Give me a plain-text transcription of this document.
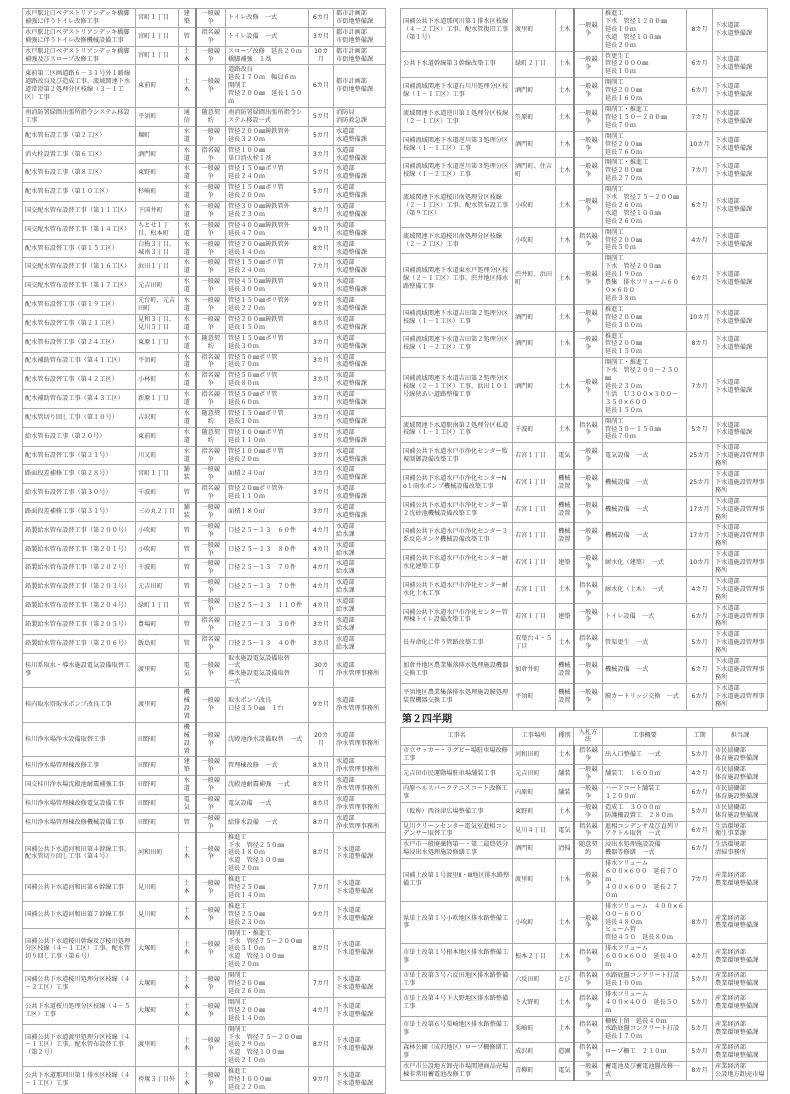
水戸駅北口ペデストリアンデッキ橋脚補強に伴うトイレ改修工事	宮町１丁目	建築	一般競争	トイレ改修　一式	6カ月	都市計画部
市街地整備課
水戸駅北口ペデストリアンデッキ橋脚補強に伴うトイレ改修機械設備工事	宮町１丁目	管	指名競争	トイレ設備　一式	3カ月	都市計画部
市街地整備課
水戸駅北口ペデストリアンデッキ橋脚補強及びスロープ改修工事	宮町１丁目	土木	一般競争	スロープ改修　延長２０ｍ
橋脚補強　１基	10カ月	都市計画部
市街地整備課
東前第二区画道路６－３１号外１路線道路改良及び造成工事、流域関連下水道常澄第２処理分区枝線（３－１工区）工事	東前町	土木	一般競争	道路改良
延長１７０ｍ　幅員６ｍ
開削工
管径２００㎜　延長１５０ｍ	6カ月	都市計画部
市街地整備課
南消防署緑岡出張所指令システム移設工事	平須町	通信	随意契約	南消防署緑岡出張所指令システム移設一式	5カ月	消防局
消防救急課
配水管布設工事（第２工区）	堀町	水道	一般競争	管径２００㎜鋳鉄管外
延長３２０ｍ	5カ月	水道部
水道整備課
消火栓設置工事（第６工区）	酒門町	水道	指名競争	管径１００㎜
単口消火栓１基	3カ月	水道部
水道整備課
配水管布設工事（第８工区）	東野町	水道	一般競争	管径１５０㎜ポリ管
延長２４０ｍ	5カ月	水道部
水道整備課
配水管布設工事（第１０工区）	杉崎町	水道	一般競争	管径１５０㎜ポリ管
延長２００ｍ	5カ月	水道部
水道整備課
国交配水管布設替工事（第１１工区）	下国井町	水道	一般競争	管径３００㎜鋳鉄管外
延長２３０ｍ	8カ月	水道部
水道整備課
国交配水管布設替工事（第１４工区）	ちとせ１丁目、松本町	水道	一般競争	管径４００㎜鋳鉄管外
延長４７０ｍ	9カ月	水道部
水道整備課
配水管布設替工事（第１５工区）	白梅３丁目、城南３丁目	水道	一般競争	管径２００㎜鋳鉄管外
延長１４０ｍ	8カ月	水道部
水道整備課
国交配水管布設替工事（第１６工区）	浜田１丁目	水道	一般競争	管径１５０㎜ポリ管
延長２４０ｍ	7カ月	水道部
水道整備課
国交配水管布設替工事（第１７工区）	元吉田町	水道	一般競争	管径４５０㎜鋳鉄管
延長３００ｍ	9カ月	水道部
水道整備課
配水管布設替工事（第１９工区）	元台町、元吉田町	水道	一般競争	管径１５０㎜ポリ管外
延長２２０ｍ	9カ月	水道部
水道整備課
配水管布設替工事（第２１工区）	見和３丁目、見川５丁目	水道	一般競争	管径２００㎜鋳鉄管
延長１５０ｍ	8カ月	水道部
水道整備課
配水管布設替工事（第２４工区）	東原１丁目	水道	随意契約	管径１５０㎜ポリ管
延長３０ｍ	3カ月	水道部
水道整備課
配水補助管布設工事（第４１工区）	平須町	水道	指名競争	管径５０㎜ポリ管
延長７０ｍ	3カ月	水道部
水道整備課
配水管布設替工事（第４２工区）	小林町	水道	指名競争	管径５０㎜ポリ管
延長８０ｍ	3カ月	水道部
水道整備課
配水補助管布設工事（第４３工区）	新原１丁目	水道	指名競争	管径５０㎜ポリ管
延長６０ｍ	3カ月	水道部
水道整備課
配水管切り回し工事（第１０号）	吉沢町	水道	随意契約	管径１５０㎜ポリ管
延長１０ｍ	3カ月	水道部
水道整備課
給水管布設工事（第２０号）	東前町	水道	随意契約	管径１００㎜ポリ管
延長１１０ｍ	3カ月	水道部
水道整備課
配水管布設替工事（第２１号）	川又町	水道	指名競争	管径１００㎜ポリ管
延長２０ｍ	3カ月	水道部
水道整備課
路面段差補修工事（第２８号）	宮町１丁目	舗装	一般競争	面積２４０㎡	3カ月	水道部
水道整備課
給水管布設替工事（第３０号）	千波町	管	指名競争	管径２０㎜ポリ管外
延長１１０ｍ	3カ月	水道部
水道整備課
路面段差補修工事（第３１号）	三の丸２丁目	舗装	一般競争	面積１８０㎡	3カ月	水道部
水道整備課
鉛製給水管布設替工事（第２００号）	小吹町	管	一般競争	口径２５～１３　６０件	4カ月	水道部
給水課
鉛製給水管布設替工事（第２０１号）	小吹町	管	一般競争	口径２５～１３　８０件	4カ月	水道部
給水課
鉛製給水管布設替工事（第２０２号）	千波町	管	一般競争	口径２５～１３　７０件	4カ月	水道部
給水課
鉛製給水管布設替工事（第２０３号）	元吉田町	管	一般競争	口径２５～１３　７０件	4カ月	水道部
給水課
鉛製給水管布設替工事（第２０４号）	緑町１丁目	管	一般競争	口径２５～１３　１１０件	4カ月	水道部
給水課
鉛製給水管布設替工事（第２０５号）	豊場町	管	指名競争	口径２５～１３　３０件	3カ月	水道部
給水課
鉛製給水管布設替工事（第２０６号）	飯島町	管	指名競争	口径２５～１３　４０件	3カ月	水道部
給水課
桂川系取水・導水施設電気設備取替工事	渡里町	電気	一般競争	取水施設電気設備取替
一式
導水施設電気設備取替
一式	30カ月	水道部
浄水管理事務所
桂内取水塔取水ポンプ改良工事	渡里町	機械設置	一般競争	取水ポンプ改良
口径３５０㎜　１台	9カ月	水道部
浄水管理事務所
桂川浄水場浄水設備取替工事	田野町	機械設置	一般競争	沈殿池浄水設備取替　一式	20カ月	水道部
浄水管理事務所
桂川浄水場管理棟改修工事	田野町	建築	一般競争	管理棟改修　一式	8カ月	水道部
浄水管理事務所
国交桂川浄水場沈殿池耐震補強工事	田野町	水道	一般競争	沈殿池耐震補強　一式	8カ月	水道部
浄水管理事務所
桂川浄水場管理棟改修電気設備工事	田野町	電気	一般競争	電気設備　一式	8カ月	水道部
浄水管理事務所
桂川浄水場管理棟改修機械設備工事	田野町	管	一般競争	給排水設備　一式	8カ月	水道部
浄水管理事務所
国補公共下水道河和田第４幹線工事、配水管切り回し工事（第４号）	河和田町	土木	一般競争	推進工
下水　管径２５０㎜
延長１８０ｍ
水道　管径１００㎜
延長２０ｍ	8カ月	下水道部
下水道整備課
国補公共下水道河和田第６幹線工事	見川町	土木	一般競争	推進工
管径２５０㎜
延長１４０ｍ	7カ月	下水道部
下水道整備課
国補公共下水道河和田第７幹線工事	見川町	土木	一般競争	推進工
管径２５０㎜
延長２３０ｍ	9カ月	下水道部
下水道整備課
国補公共下水道桜川幹線及び桜川処理分区枝線（４－１工区）工事、配水管切り回し工事（第６号）	大塚町	土木	一般競争	開削工・推進工
下水　管径７５～２００㎜
延長５１０ｍ
水道　管径１００㎜
延長２０ｍ	8カ月	下水道部
下水道整備課
国補公共下水道桜川処理分区枝線（４－２工区）工事	大塚町	土木	一般競争	開削工
管径２００㎜
延長２６０ｍ	7カ月	下水道部
下水道整備課
公共下水道桜川処理分区枝線（４－５工区）工事	大塚町	土木	一般競争	開削工
管径２００㎜
延長１４０ｍ	4カ月	下水道部
下水道整備課
国補公共下水道渡里処理分区枝線（４－１工区）工事、配水管布設替工事（第２号）	渡里町	土木	一般競争	開削工
下水　管径７５～２００㎜
延長２９０ｍ
水道　管径１００㎜
延長２１０ｍ	8カ月	下水道部
下水道整備課
公共下水道那珂川第１排水区枝線（４－１工区）工事	袴塚３丁目外	土木	一般競争	推進工
管径１０００㎜
延長２２０ｍ	9カ月	下水道部
下水道整備課
国補公共下水道那珂川第１排水区枝線（４－２工区）工事、配水管復旧工事（第１号）	渡里町	土木	一般競争	推進工
下水　管径１２００㎜
延長１０ｍ
水道　管径１００㎜
延長２０ｍ	8カ月	下水道部
下水道整備課
公共下水道幹線第３幹線改築工事	緑町２丁目	土木	一般競争	管更生工
管径２０００㎜
延長１０ｍ	6カ月	下水道部
下水道整備課
国補流域関連下水道石川川処理分区枝線（１－１工区）工事	酒門町	土木	一般競争	開削工
管径２００㎜
延長１６０ｍ	6カ月	下水道部
下水道整備課
流域関連下水道逆川第１処理分区枝線（２－１工区）工事	笠原町	土木	一般競争	開削工・推進工
管径１５０～２００㎜
延長７０ｍ	7カ月	下水道部
下水道整備課
国補流域関連下水道逆川第３処理分区枝線（１－１工区）工事	酒門町	土木	一般競争	開削工
管径２００㎜
延長７６０ｍ	10カ月	下水道部
下水道整備課
国補流域関連下水道逆川第３処理分区枝線（１－２工区）工事	酒門町、住吉町	土木	一般競争	開削工・推進工
管径２００㎜
延長２７０ｍ	7カ月	下水道部
下水道整備課
流域関連下水道桜川南処理分区枝線（２－１工区）工事、配水管布設工事（第９工区）	小吹町	土木	一般競争	開削工
下水　管径７５～２００㎜
延長２６０ｍ
水道　管径１００㎜
延長２６０ｍ	6カ月	下水道部
下水道整備課
流域関連下水道桜川南処理分区枝線（２－２工区）工事	小吹町	土木	指名競争	開削工
管径２００㎜
延長５０ｍ	4カ月	下水道部
下水道整備課
国補流域関連下水道東水戸処理分区枝線（２－１工区）工事、渋井地区排水路整備工事	渋井町、浜田町	土木	一般競争	開削工
下水　管径２００㎜
延長１９０ｍ
農集　排水フリューム６００×６００
延長３８ｍ	6カ月	下水道部
下水道整備課
国補流域関連下水道吉田第２処理分区枝線（１－１工区）工事	酒門町	土木	一般競争	推進工
管径２００㎜
延長３００ｍ	10カ月	下水道部
下水道整備課
国補流域関連下水道吉田第２処理分区枝線（１－２工区）工事	酒門町	土木	一般競争	推進工
管径２００㎜
延長１５０ｍ	8カ月	下水道部
下水道整備課
国補流域関連下水道吉田第２処理分区枝線（２－１工区）工事、浜田１０１号線狭あい道路整備工事	酒門町	土木	一般競争	開削工・推進工
下水　管径２００～２５０㎜
延長２３０ｍ
生活　Ｕ３００×３００～３５０×６００
延長１５０ｍ	7カ月	下水道部
下水道整備課
流域関連下水道駅南第２処理分区私道枝線（１－１工区）工事	千波町	土木	指名競争	開削工
管径５０～１５０㎜
延長７０ｍ	5カ月	下水道部
下水道整備課
国補公共下水道水戸市浄化センター監視制御設備改築工事	若宮１丁目	電気	一般競争	電気設備　一式	25カ月	下水道部
下水道施設管理事務所
国補公共下水道水戸市浄化センターNo１雨水ポンプ機械設備改築工事	若宮１丁目	機械設置	一般競争	機械設備　一式	25カ月	下水道部
下水道施設管理事務所
国補公共下水道水戸市浄化センター第２沈砂池機械設備改築工事	若宮１丁目	機械設置	一般競争	機械設備　一式	17カ月	下水道部
下水道施設管理事務所
国補公共下水道水戸市浄化センター３系反応タンク機械設備改築工事	若宮１丁目	機械設置	一般競争	機械設備　一式	17カ月	下水道部
下水道施設管理事務所
国補公共下水道水戸市浄化センター耐水化建築工事	若宮１丁目	建築	一般競争	耐水化（建築）　一式	10カ月	下水道部
下水道施設管理事務所
国補公共下水道水戸市浄化センター耐水化土木工事	若宮１丁目	土木	指名競争	耐水化（土木）　一式	4カ月	下水道部
下水道施設管理事務所
国補公共下水道水戸市浄化センター管理棟トイレ設備改築工事	若宮１丁目	建築	一般競争	トイレ設備　一式	6カ月	下水道部
下水道施設管理事務所
長寿命化に伴う管路改築工事	双葉台４・５丁目	土木	指名競争	管渠更生　一式	5カ月	下水道部
下水道施設管理事務所
加倉井地区農業集落排水処理施設機器交換工事	加倉井町	機械設置	一般競争	機械設備　一式	6カ月	下水道部
下水道施設管理事務所
平須地区農業集落排水処理施設膜処理装置機器交換工事	平須町	機械設置	一般競争	膜カートリッジ交換　一式	6カ月	下水道部
下水道施設管理事務所
第２四半期
工事名	工事場所	種別	入札方法	工事概要	工期	担当課
市立サッカー・ラグビー場駐車場改修工事	河和田町	土木	指名競争	出入口整備工　一式	5カ月	市民協働部
体育施設整備課
元吉田市民運動場駐車場舗装工事	元吉田町	舗装	一般競争	舗装工　１６００㎡	4カ月	市民協働部
体育施設整備課
内原ヘルスパークテニスコート改修工事	内原町	舗装	一般競争	ハードコート舗装工
１２００㎡	6カ月	市民協働部
体育施設整備課
（仮称）西谷津広場整備工事	東野町	土木	一般競争	造成工　３０００㎡
防護柵設置工　２８０ｍ	5カ月	市民協働部
体育施設整備課
見川クリーンセンター電気室進相コンデンサー取替工事	見川４丁目	電気	指名競争	進相コンデンサ及び直列リアクトル取替　一式	6カ月	生活環境部
衛生事業課
水戸市一般廃棄物第一・第二最終処分場浸出水処理施設修繕工事	酒門町	清掃	随意契約	浸出水処理施設設備
機器等修繕　一式	6カ月	生活環境部
清掃事務所
国補土改第１号渡里Ⅱ・Ⅲ地区排水路整備工事	渡里町	土木	一般競争	排水フリューム
６００×６００　延長７０ｍ
４００×６００　延長２７０ｍ	7カ月	産業経済部
農業環境整備課
県単土改第１号小吹地区排水路整備工事	小吹町	土木	一般競争	排水フリューム　４００×６００～６００
延長４８０ｍ
ヒューム管
管径４５０　延長８０ｍ	8カ月	産業経済部
農業環境整備課
市単土改第１号根本地区排水路整備工事	根本２丁目	土木	指名競争	排水フリューム
６００×６００　延長４０ｍ	4カ月	産業経済部
農業環境整備課
市単土改第３号六反田地区排水路整備工事	六反田町	とび	指名競争	水路底盤コンクリート打設
延長１００ｍ	5カ月	産業経済部
農業環境整備課
市単土改第４号下大野地区排水路整備工事	下大野町	土木	指名競争	排水フリューム
４００×４００　延長５０ｍ	5カ月	産業経済部
農業環境整備課
市単土改第６号栗崎地区排水路整備工事	栗崎町	土木	指名競争	柵板土留　延長４０ｍ
水路底盤コンクリート打設
延長１７０ｍ	5カ月	産業経済部
農業環境整備課
森林公園（成沢地区）ロープ柵修繕工事	成沢町	造園	指名競争	ロープ柵工　２１０ｍ	5カ月	産業経済部
農業環境整備課
水戸市公設地方卸売市場関連商品売場棟非常用蓄電池改修工事	青柳町	電気	一般競争	蓄電池及び蓄電池盤改修一式	8カ月	産業経済部
公設地方卸売市場
